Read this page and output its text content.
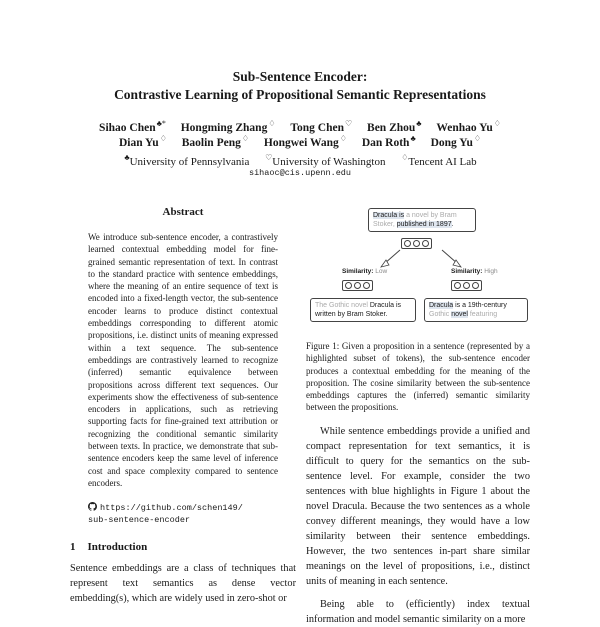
Sub-Sentence Encoder:
Contrastive Learning of Propositional Semantic Representations
Sihao Chen♣* Hongming Zhang♢ Tong Chen♡ Ben Zhou♣ Wenhao Yu♢
Dian Yu♢ Baolin Peng♢ Hongwei Wang♢ Dan Roth♣ Dong Yu♢
♣University of Pennsylvania ♡University of Washington ♢Tencent AI Lab
sihaoc@cis.upenn.edu
Abstract
We introduce sub-sentence encoder, a contrastively learned contextual embedding model for fine-grained semantic representation of text. In contrast to the standard practice with sentence embeddings, where the meaning of an entire sequence of text is encoded into a fixed-length vector, the sub-sentence encoder learns to produce distinct contextual embeddings corresponding to different atomic propositions, i.e. distinct units of meaning expressed within a text sequence. The sub-sentence embeddings are contrastively learned to recognize (inferred) semantic equivalence between propositions across different text sequences. Our experiments show the effectiveness of sub-sentence encoders in applications, such as retrieving supporting facts for fine-grained text attribution or recognizing the conditional semantic similarity between texts. In practice, we demonstrate that sub-sentence encoders keep the same level of inference cost and space complexity compared to sentence encoders.
https://github.com/schen149/
sub-sentence-encoder
1 Introduction
Sentence embeddings are a class of techniques that represent text semantics as dense vector embedding(s), which are widely used in zero-shot or
Dracula is a novel by Bram Stoker, published in 1897.
Similarity: Low	Similarity: High
The Gothic novel Dracula is written by Bram Stoker.
Dracula is a 19th-century Gothic novel featuring
Figure 1: Given a proposition in a sentence (represented by a highlighted subset of tokens), the sub-sentence encoder produces a contextual embedding for the meaning of the proposition. The cosine similarity between the sub-sentence embeddings captures the (inferred) semantic similarity between the propositions.

While sentence embeddings provide a unified and compact representation for text semantics, it is difficult to query for the semantics on the sub-sentence level. For example, consider the two sentences with blue highlights in Figure 1 about the novel Dracula. Because the two sentences as a whole convey different meanings, they would have a low similarity between their sentence embeddings. However, the two sentences in-part share similar meanings on the level of propositions, i.e., distinct units of meaning in each sentence.

Being able to (efficiently) index textual information and model semantic similarity on a more
